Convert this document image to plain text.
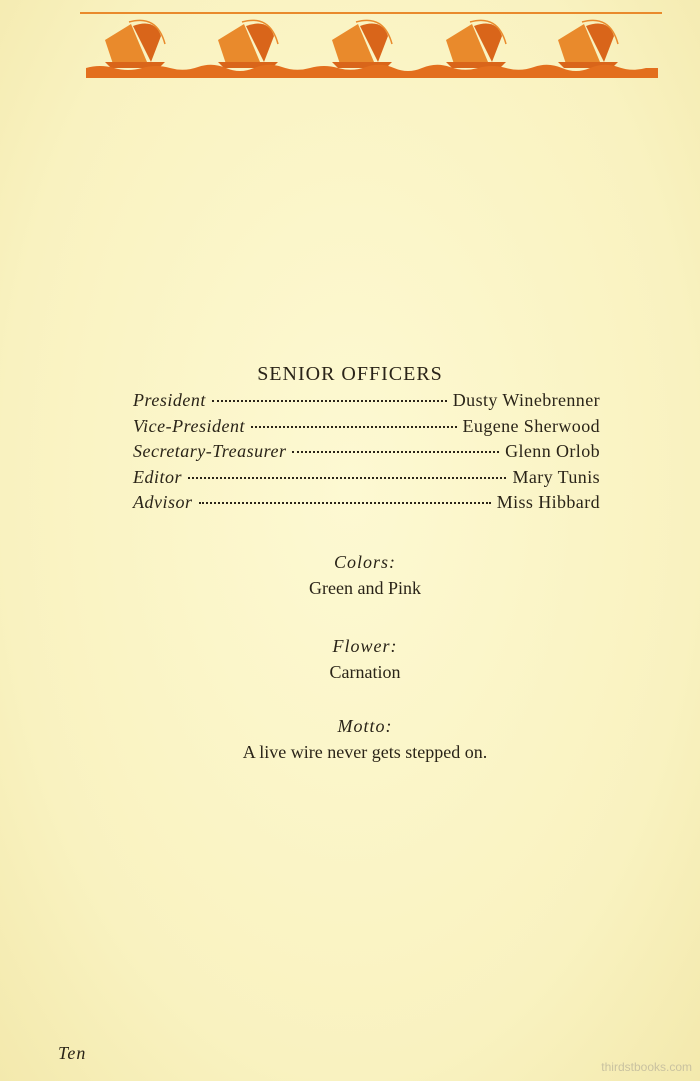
SENIOR OFFICERS
President	Dusty Winebrenner
Vice-President	Eugene Sherwood
Secretary-Treasurer	Glenn Orlob
Editor	Mary Tunis
Advisor	Miss Hibbard
Colors:
Green and Pink
Flower:
Carnation
Motto:
A live wire never gets stepped on.
Ten
thirdstbooks.com
